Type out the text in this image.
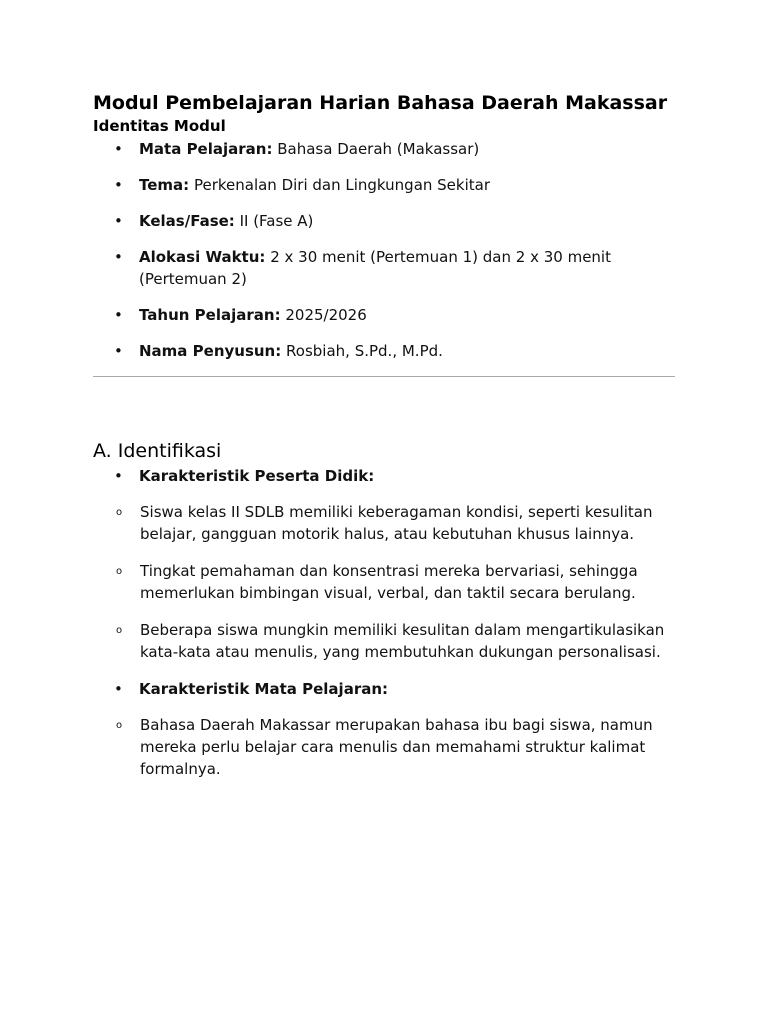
Modul Pembelajaran Harian Bahasa Daerah Makassar
Identitas Modul
• Mata Pelajaran: Bahasa Daerah (Makassar)
• Tema: Perkenalan Diri dan Lingkungan Sekitar
• Kelas/Fase: II (Fase A)
• Alokasi Waktu: 2 x 30 menit (Pertemuan 1) dan 2 x 30 menit (Pertemuan 2)
• Tahun Pelajaran: 2025/2026
• Nama Penyusun: Rosbiah, S.Pd., M.Pd.
A. Identifikasi
• Karakteristik Peserta Didik:
o Siswa kelas II SDLB memiliki keberagaman kondisi, seperti kesulitan belajar, gangguan motorik halus, atau kebutuhan khusus lainnya.
o Tingkat pemahaman dan konsentrasi mereka bervariasi, sehingga memerlukan bimbingan visual, verbal, dan taktil secara berulang.
o Beberapa siswa mungkin memiliki kesulitan dalam mengartikulasikan kata-kata atau menulis, yang membutuhkan dukungan personalisasi.
• Karakteristik Mata Pelajaran:
o Bahasa Daerah Makassar merupakan bahasa ibu bagi siswa, namun mereka perlu belajar cara menulis dan memahami struktur kalimat formalnya.
